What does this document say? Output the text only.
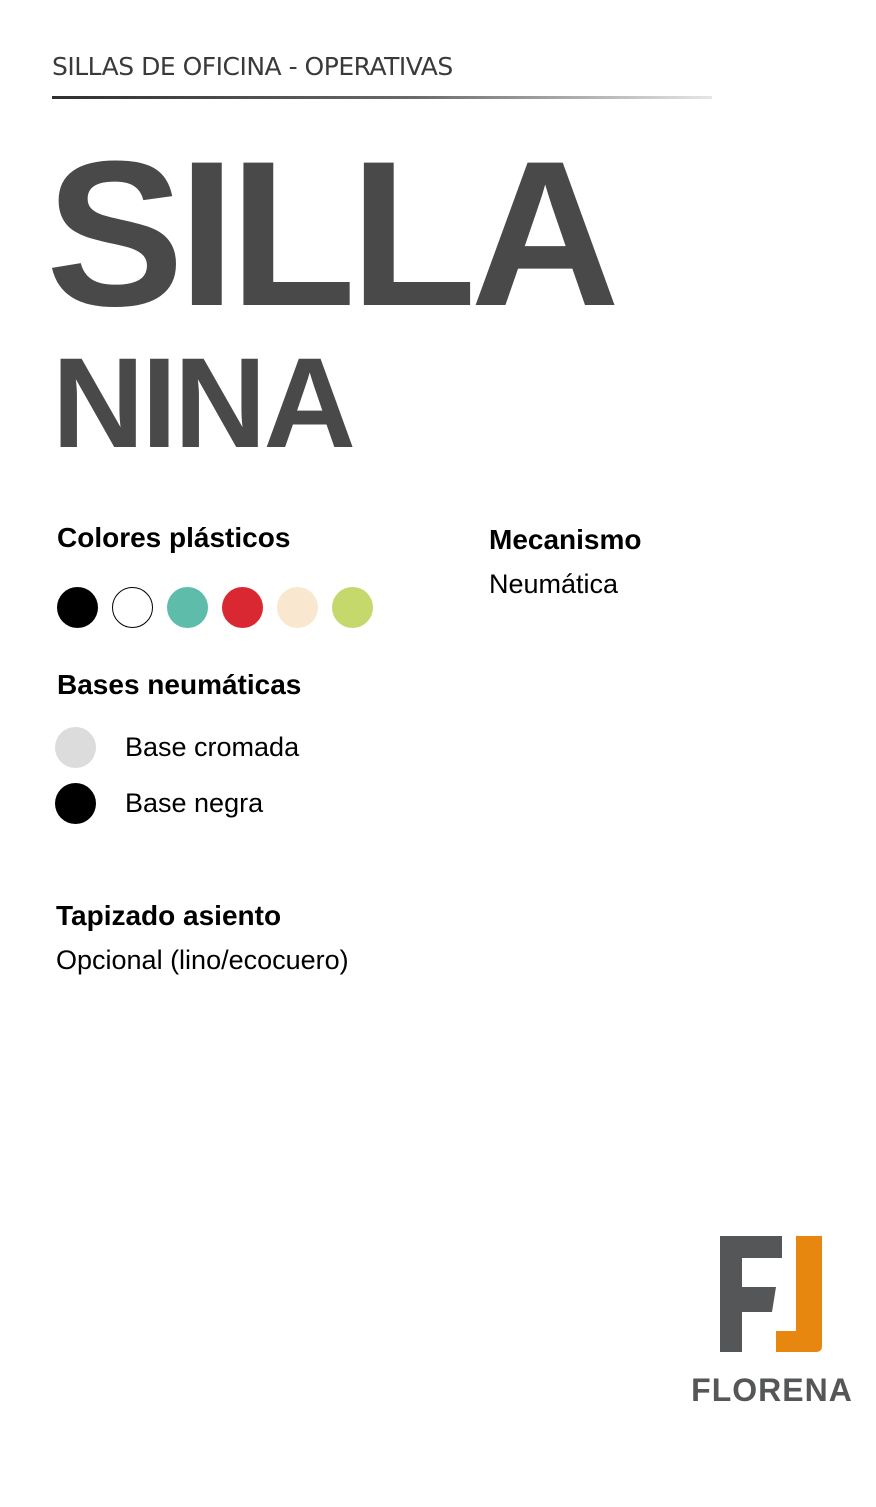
SILLAS DE OFICINA - OPERATIVAS
SILLA
NINA
Colores plásticos
Bases neumáticas
Base cromada
Base negra
Mecanismo
Neumática
Tapizado asiento
Opcional (lino/ecocuero)
FLORENA
